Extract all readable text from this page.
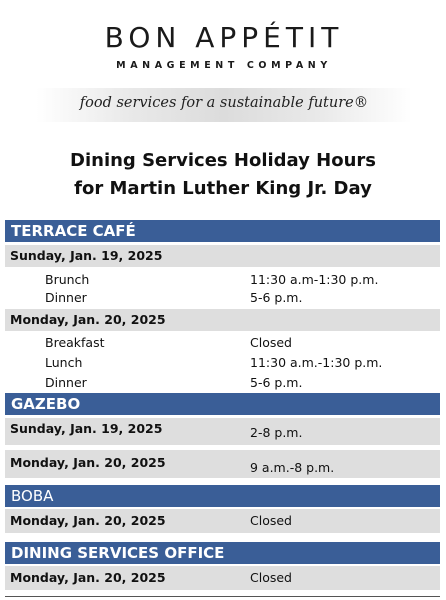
BON APPÉTIT
MANAGEMENT COMPANY
food services for a sustainable future®
Dining Services Holiday Hours
for Martin Luther King Jr. Day
TERRACE CAFÉ
Sunday, Jan. 19, 2025
Brunch	11:30 a.m-1:30 p.m.
Dinner	5-6 p.m.
Monday, Jan. 20, 2025
Breakfast	Closed
Lunch	11:30 a.m.-1:30 p.m.
Dinner	5-6 p.m.
GAZEBO
Sunday, Jan. 19, 2025	2-8 p.m.
Monday, Jan. 20, 2025	9 a.m.-8 p.m.
BOBA
Monday, Jan. 20, 2025	Closed
DINING SERVICES OFFICE
Monday, Jan. 20, 2025	Closed
